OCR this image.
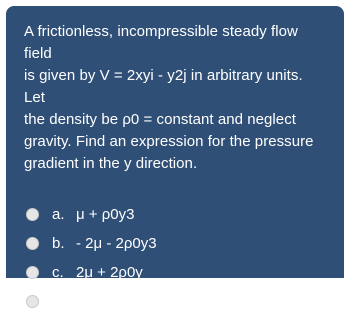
A frictionless, incompressible steady flow field
is given by V = 2xyi - y2j in arbitrary units. Let
the density be ρ0 = constant and neglect
gravity. Find an expression for the pressure
gradient in the y direction.

a. μ + ρ0y3
b. - 2μ - 2ρ0y3
c. 2μ + 2ρ0y
d. 2ρ0y3
